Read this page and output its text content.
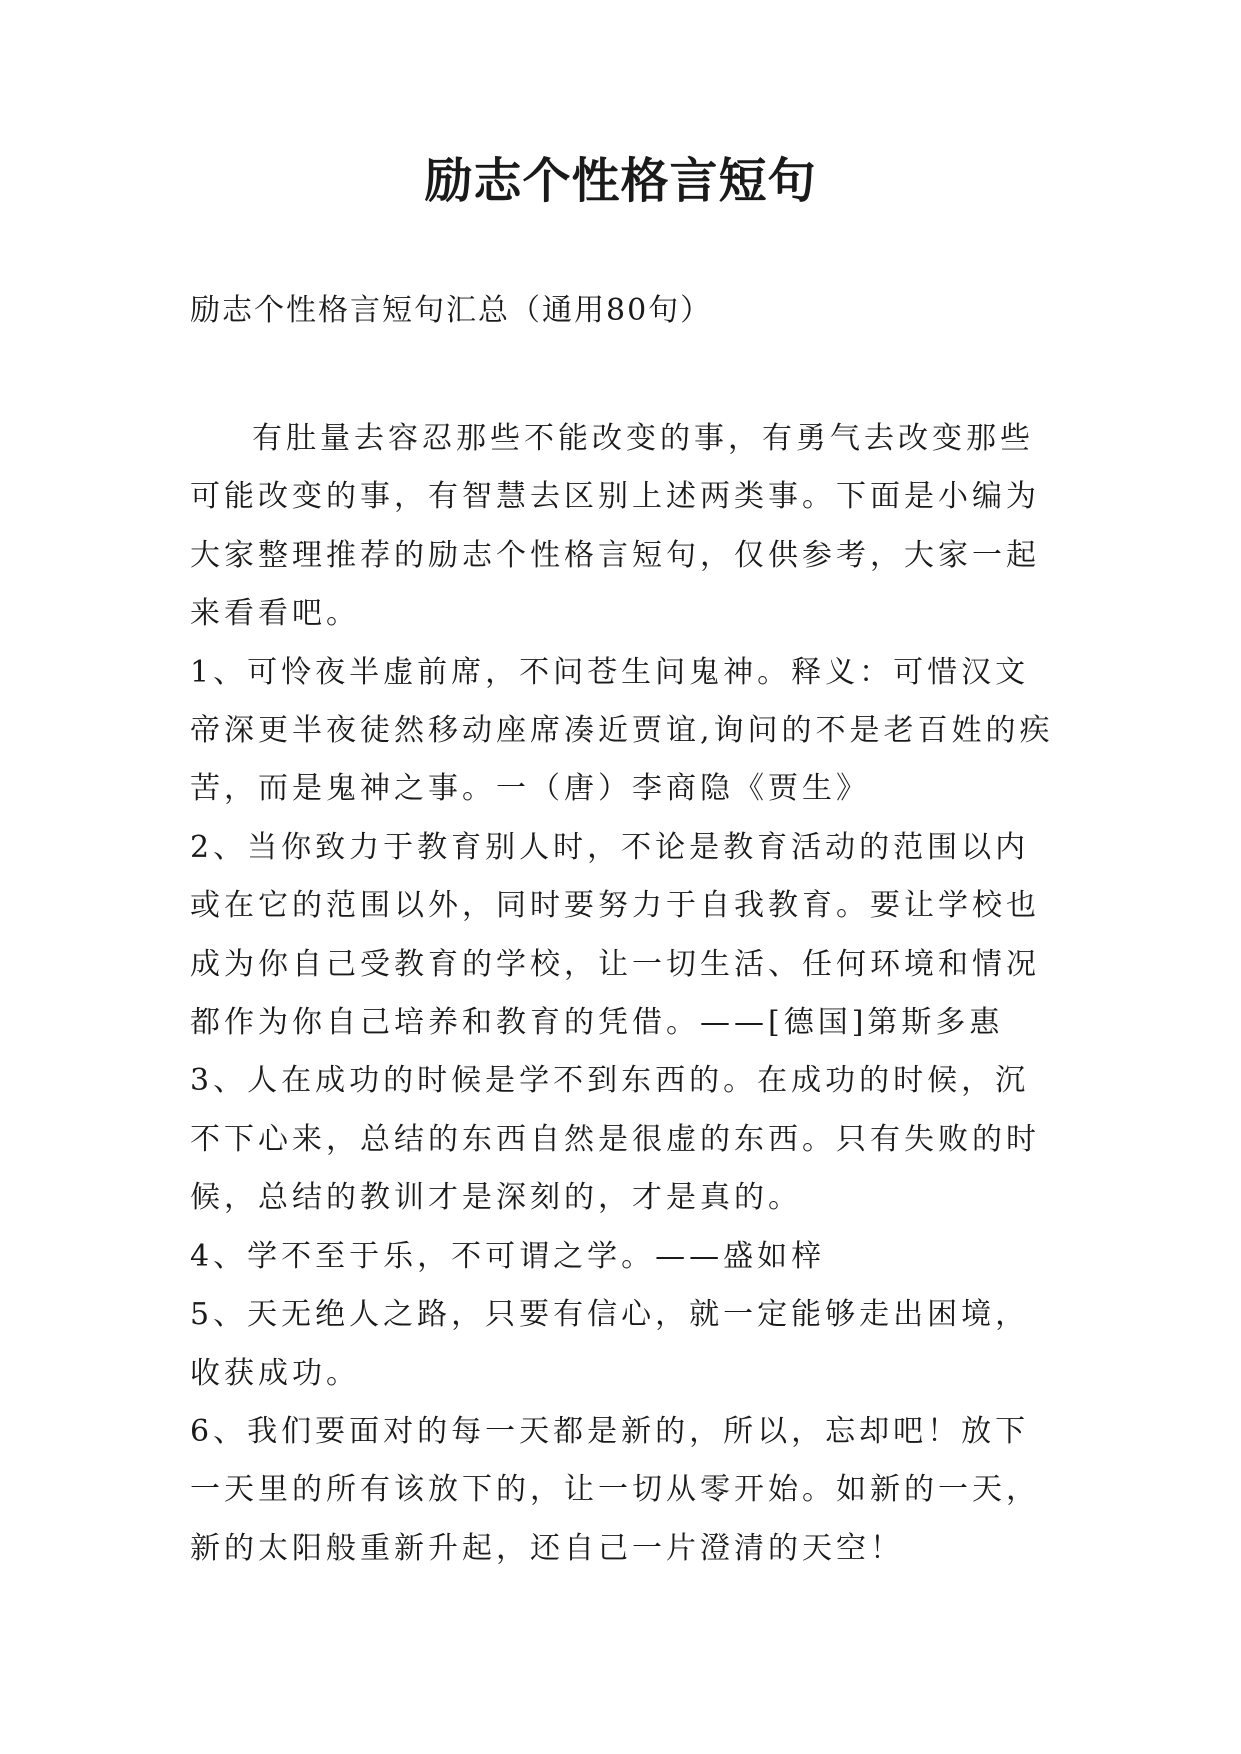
励志个性格言短句
励志个性格言短句汇总（通用80句）

有肚量去容忍那些不能改变的事，有勇气去改变那些可能改变的事，有智慧去区别上述两类事。下面是小编为大家整理推荐的励志个性格言短句，仅供参考，大家一起来看看吧。

1、可怜夜半虚前席，不问苍生问鬼神。释义：可惜汉文帝深更半夜徒然移动座席凑近贾谊,询问的不是老百姓的疾苦，而是鬼神之事。一（唐）李商隐《贾生》

2、当你致力于教育别人时，不论是教育活动的范围以内或在它的范围以外，同时要努力于自我教育。要让学校也成为你自己受教育的学校，让一切生活、任何环境和情况都作为你自己培养和教育的凭借。——[德国]第斯多惠

3、人在成功的时候是学不到东西的。在成功的时候，沉不下心来，总结的东西自然是很虚的东西。只有失败的时候，总结的教训才是深刻的，才是真的。

4、学不至于乐，不可谓之学。——盛如梓

5、天无绝人之路，只要有信心，就一定能够走出困境，收获成功。

6、我们要面对的每一天都是新的，所以，忘却吧！放下一天里的所有该放下的，让一切从零开始。如新的一天，新的太阳般重新升起，还自己一片澄清的天空！
